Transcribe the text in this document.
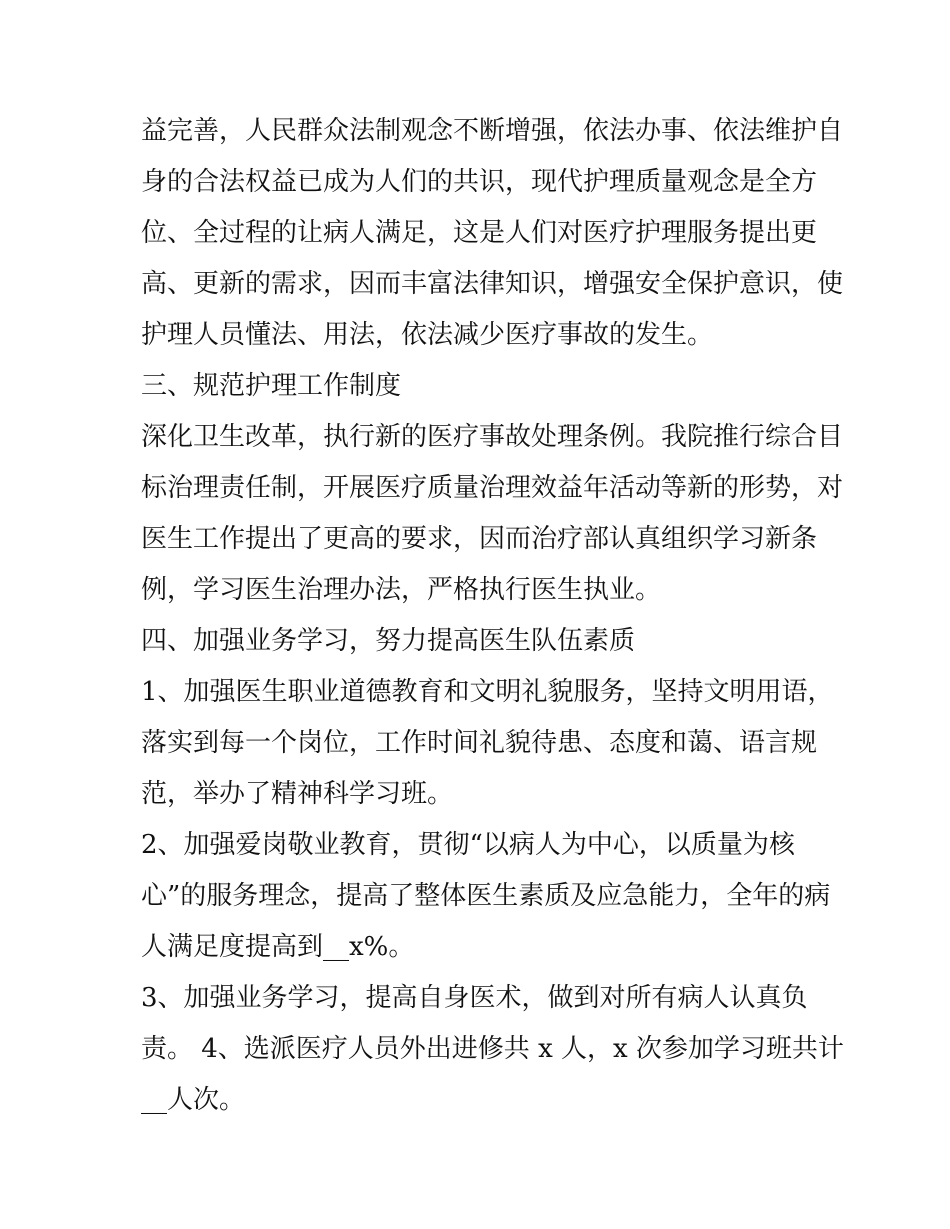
益完善，人民群众法制观念不断增强，依法办事、依法维护自
身的合法权益已成为人们的共识，现代护理质量观念是全方
位、全过程的让病人满足，这是人们对医疗护理服务提出更
高、更新的需求，因而丰富法律知识，增强安全保护意识，使
护理人员懂法、用法，依法减少医疗事故的发生。
三、规范护理工作制度
深化卫生改革，执行新的医疗事故处理条例。我院推行综合目
标治理责任制，开展医疗质量治理效益年活动等新的形势，对
医生工作提出了更高的要求，因而治疗部认真组织学习新条
例，学习医生治理办法，严格执行医生执业。
四、加强业务学习，努力提高医生队伍素质
1、加强医生职业道德教育和文明礼貌服务，坚持文明用语，
落实到每一个岗位，工作时间礼貌待患、态度和蔼、语言规
范，举办了精神科学习班。
2、加强爱岗敬业教育，贯彻“以病人为中心，以质量为核
心”的服务理念，提高了整体医生素质及应急能力，全年的病
人满足度提高到__x%。
3、加强业务学习，提高自身医术，做到对所有病人认真负
责。 4、选派医疗人员外出进修共 x 人，x 次参加学习班共计
__人次。
